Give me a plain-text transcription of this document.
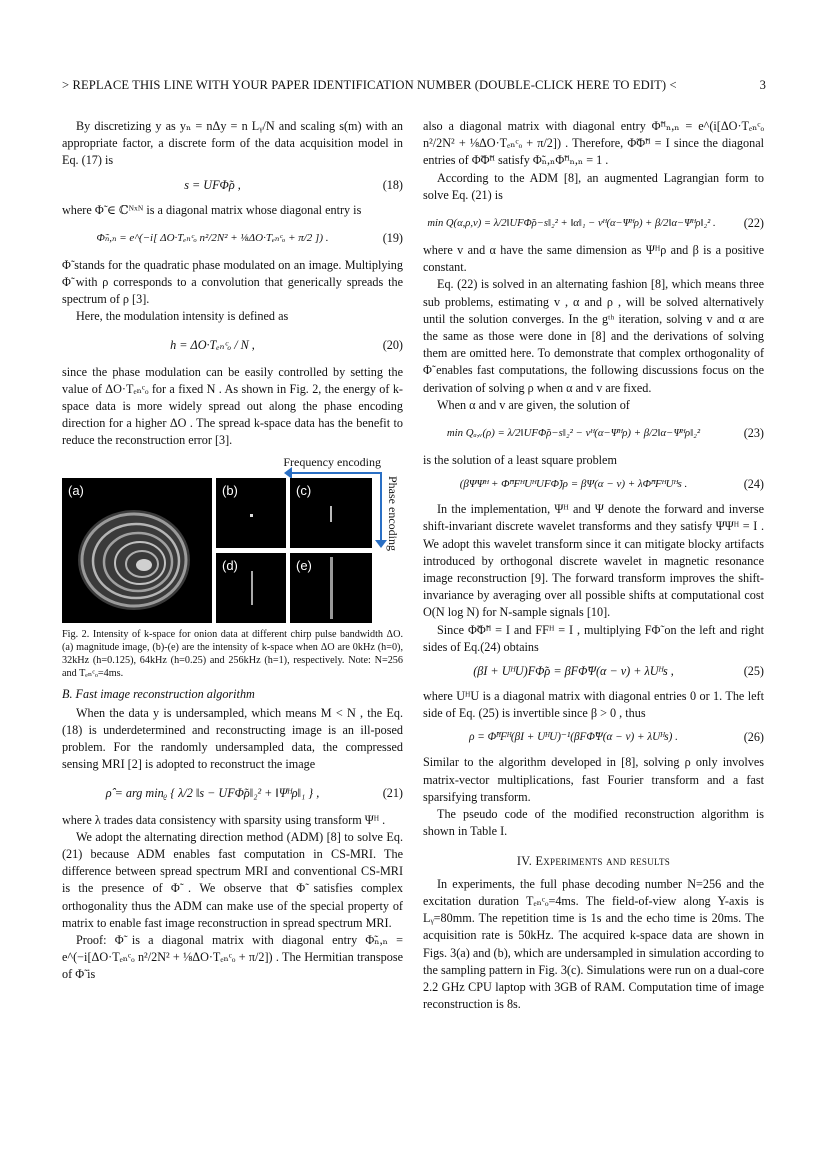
> REPLACE THIS LINE WITH YOUR PAPER IDENTIFICATION NUMBER (DOUBLE-CLICK HERE TO EDIT) <	3

By discretizing y as yₙ = nΔy = n Lᵧ/N and scaling s(m) with an appropriate factor, a discrete form of the data acquisition model in Eq. (17) is

s = UFΦ̃ρ ,	(18)

where Φ̃ ∈ ℂᴺˣᴺ is a diagonal matrix whose diagonal entry is

Φ̃ₙ,ₙ = e^(−i[ ΔO·Tₑₙᶜₒ n²/2N² + ⅛ΔO·Tₑₙᶜₒ + π/2 ]) .	(19)

Φ̃ stands for the quadratic phase modulated on an image. Multiplying Φ̃ with ρ corresponds to a convolution that generically spreads the spectrum of ρ [3].

Here, the modulation intensity is defined as

h = ΔO·Tₑₙᶜₒ / N ,	(20)

since the phase modulation can be easily controlled by setting the value of ΔO·Tₑₙᶜₒ for a fixed N . As shown in Fig. 2, the energy of k-space data is more widely spread out along the phase encoding direction for a higher ΔO . The spread k-space data has the benefit to reduce the reconstruction error [3].

Frequency encoding
Phase encoding
(a)	(b)	(c)
(d)	(e)

Fig. 2. Intensity of k-space for onion data at different chirp pulse bandwidth ΔO. (a) magnitude image, (b)-(e) are the intensity of k-space when ΔO are 0kHz (h=0), 32kHz (h=0.125), 64kHz (h=0.25) and 256kHz (h=1), respectively. Note: N=256 and Tₑₙᶜₒ=4ms.

B. Fast image reconstruction algorithm

When the data y is undersampled, which means M < N , the Eq. (18) is underdetermined and reconstructing image is an ill-posed problem. For the randomly undersampled data, the compressed sensing MRI [2] is adopted to reconstruct the image

ρ̂ = arg minᵨ { λ/2 ‖s − UFΦ̃ρ‖₂² + ‖Ψᴴρ‖₁ } ,	(21)

where λ trades data consistency with sparsity using transform Ψᴴ .

We adopt the alternating direction method (ADM) [8] to solve Eq. (21) because ADM enables fast computation in CS-MRI. The difference between spread spectrum MRI and conventional CS-MRI is the presence of Φ̃ . We observe that Φ̃ satisfies complex orthogonality thus the ADM can make use of the special property of matrix to enable fast image reconstruction in spread spectrum MRI.

Proof: Φ̃ is a diagonal matrix with diagonal entry Φ̃ₙ,ₙ = e^(−i[ΔO·Tₑₙᶜₒ n²/2N² + ⅛ΔO·Tₑₙᶜₒ + π/2]) . The Hermitian transpose of Φ̃ is

also a diagonal matrix with diagonal entry Φ̃ᴴₙ,ₙ = e^(i[ΔO·Tₑₙᶜₒ n²/2N² + ⅛ΔO·Tₑₙᶜₒ + π/2]) . Therefore, Φ̃Φ̃ᴴ = I since the diagonal entries of Φ̃Φ̃ᴴ satisfy Φ̃ₙ,ₙΦ̃ᴴₙ,ₙ = 1 .

According to the ADM [8], an augmented Lagrangian form to solve Eq. (21) is

min Q(α,ρ,v) = λ/2‖UFΦ̃ρ−s‖₂² + ‖α‖₁ − vᴴ(α−Ψᴴρ) + β/2‖α−Ψᴴρ‖₂² .	(22)

where v and α have the same dimension as Ψᴴρ and β is a positive constant.

Eq. (22) is solved in an alternating fashion [8], which means three sub problems, estimating v , α and ρ , will be solved alternatively until the solution converges. In the gᵗʰ iteration, solving v and α are the same as those were done in [8] and the derivations of solving them are omitted here. To demonstrate that complex orthogonality of Φ̃ enables fast computations, the following discussions focus on the derivation of solving ρ when α and v are fixed.

When α and v are given, the solution of

min Qₐ,ᵥ(ρ) = λ/2‖UFΦ̃ρ−s‖₂² − vᴴ(α−Ψᴴρ) + β/2‖α−Ψᴴρ‖₂²	(23)

is the solution of a least square problem

(βΨΨᴴ + Φ̃ᴴFᴴUᴴUFΦ̃)ρ = βΨ(α − v) + λΦ̃ᴴFᴴUᴴs .	(24)

In the implementation, Ψᴴ and Ψ denote the forward and inverse shift-invariant discrete wavelet transforms and they satisfy ΨΨᴴ = I . We adopt this wavelet transform since it can mitigate blocky artifacts introduced by orthogonal discrete wavelet in magnetic resonance image reconstruction [9]. The forward transform improves the shift-invariance by averaging over all possible shifts at computational cost O(N log N) for N-sample signals [10].

Since Φ̃Φ̃ᴴ = I and FFᴴ = I , multiplying FΦ̃ on the left and right sides of Eq.(24) obtains

(βI + UᴴU)FΦ̃ρ = βFΦ̃Ψ(α − v) + λUᴴs ,	(25)

where UᴴU is a diagonal matrix with diagonal entries 0 or 1. The left side of Eq. (25) is invertible since β > 0 , thus

ρ = Φ̃ᴴFᴴ(βI + UᴴU)⁻¹(βFΦ̃Ψ(α − v) + λUᴴs) .	(26)

Similar to the algorithm developed in [8], solving ρ only involves matrix-vector multiplications, fast Fourier transform and a fast sparsifying transform.

The pseudo code of the modified reconstruction algorithm is shown in Table I.

IV. Experiments and results

In experiments, the full phase decoding number N=256 and the excitation duration Tₑₙᶜₒ=4ms. The field-of-view along Y-axis is Lᵧ=80mm. The repetition time is 1s and the echo time is 20ms. The acquisition rate is 50kHz. The acquired k-space data are shown in Figs. 3(a) and (b), which are undersampled in simulation according to the sampling pattern in Fig. 3(c). Simulations were run on a dual-core 2.2 GHz CPU laptop with 3GB of RAM. Computation time of image reconstruction is 8s.
